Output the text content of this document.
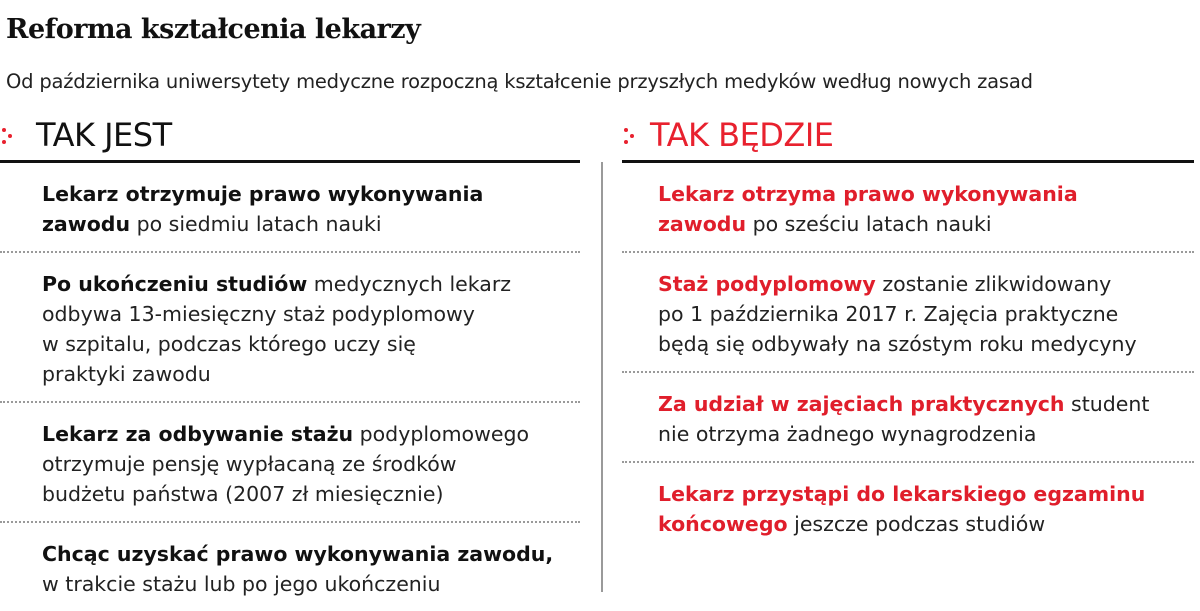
Reforma kształcenia lekarzy
Od października uniwersytety medyczne rozpoczną kształcenie przyszłych medyków według nowych zasad
TAK JEST
Lekarz otrzymuje prawo wykonywania
zawodu po siedmiu latach nauki
Po ukończeniu studiów medycznych lekarz
odbywa 13-miesięczny staż podyplomowy
w szpitalu, podczas którego uczy się
praktyki zawodu
Lekarz za odbywanie stażu podyplomowego
otrzymuje pensję wypłacaną ze środków
budżetu państwa (2007 zł miesięcznie)
Chcąc uzyskać prawo wykonywania zawodu,
w trakcie stażu lub po jego ukończeniu
TAK BĘDZIE
Lekarz otrzyma prawo wykonywania
zawodu po sześciu latach nauki
Staż podyplomowy zostanie zlikwidowany
po 1 października 2017 r. Zajęcia praktyczne
będą się odbywały na szóstym roku medycyny
Za udział w zajęciach praktycznych student
nie otrzyma żadnego wynagrodzenia
Lekarz przystąpi do lekarskiego egzaminu
końcowego jeszcze podczas studiów
